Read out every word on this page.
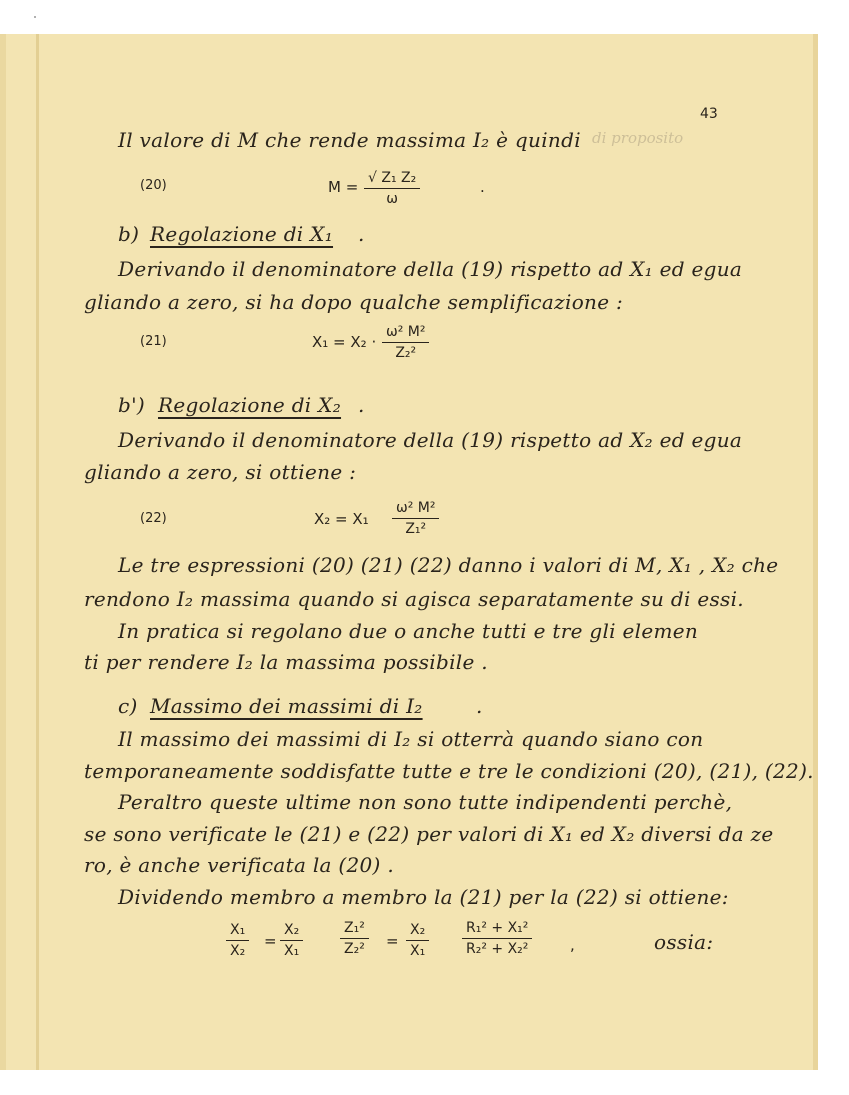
43
di proposito
Il valore di M che rende massima I₂ è quindi
(20)	$M = \frac{\text{√ Z₁ Z₂}}{\omega}$	.
b) Regolazione di X₁ .
Derivando il denominatore della (19) rispetto ad X₁ ed egua
gliando a zero, si ha dopo qualche semplificazione :
(21)	$X_1 = X_2 \cdot \frac{\text{ω² M²}}{\text{Z₂²}}$
b') Regolazione di X₂ .
Derivando il denominatore della (19) rispetto ad X₂ ed egua
gliando a zero, si ottiene :
(22)	$X_2 = X_1 \frac{\text{ω² M²}}{\text{Z₁²}}$
Le tre espressioni (20) (21) (22) danno i valori di M, X₁ , X₂ che
rendono I₂ massima quando si agisca separatamente su di essi.
In pratica si regolano due o anche tutti e tre gli elemen
ti per rendere I₂ la massima possibile .
c) Massimo dei massimi di I₂	.
Il massimo dei massimi di I₂ si otterrà quando siano con
temporaneamente soddisfatte tutte e tre le condizioni (20), (21), (22).
Peraltro queste ultime non sono tutte indipendenti perchè,
se sono verificate le (21) e (22) per valori di X₁ ed X₂ diversi da ze
ro, è anche verificata la (20) .
Dividendo membro a membro la (21) per la (22) si ottiene:
$\frac{\text{X₁}}{\text{X₂}} = \frac{\text{X₂}}{\text{X₁}}$	$\frac{\text{Z₁²}}{\text{Z₂²}} = \frac{\text{X₂}}{\text{X₁}} \frac{\text{R₁² + X₁²}}{\text{R₂² + X₂²}}$	,	ossia:
